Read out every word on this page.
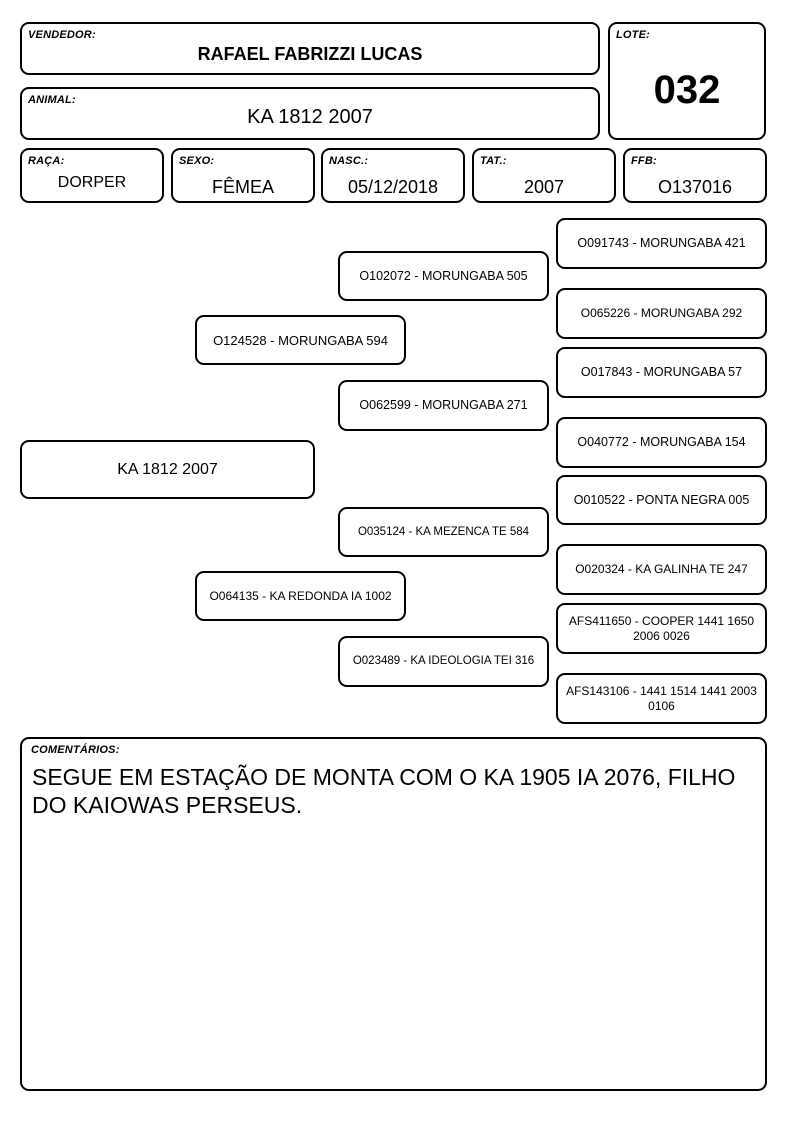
VENDEDOR:
RAFAEL FABRIZZI LUCAS
LOTE:
032
ANIMAL:
KA 1812 2007
RAÇA:
DORPER
SEXO:
FÊMEA
NASC.:
05/12/2018
TAT.:
2007
FFB:
O137016
KA 1812 2007
O124528 - MORUNGABA 594
O064135 - KA REDONDA IA 1002
O102072 - MORUNGABA 505
O062599 - MORUNGABA 271
O035124 - KA MEZENCA TE 584
O023489 - KA IDEOLOGIA TEI 316
O091743 - MORUNGABA 421
O065226 - MORUNGABA 292
O017843 - MORUNGABA 57
O040772 - MORUNGABA 154
O010522 - PONTA NEGRA 005
O020324 - KA GALINHA TE 247
AFS411650 - COOPER 1441 1650 2006 0026
AFS143106 - 1441 1514 1441 2003 0106
COMENTÁRIOS:
SEGUE EM ESTAÇÃO DE MONTA COM O KA 1905 IA 2076, FILHO DO KAIOWAS PERSEUS.
